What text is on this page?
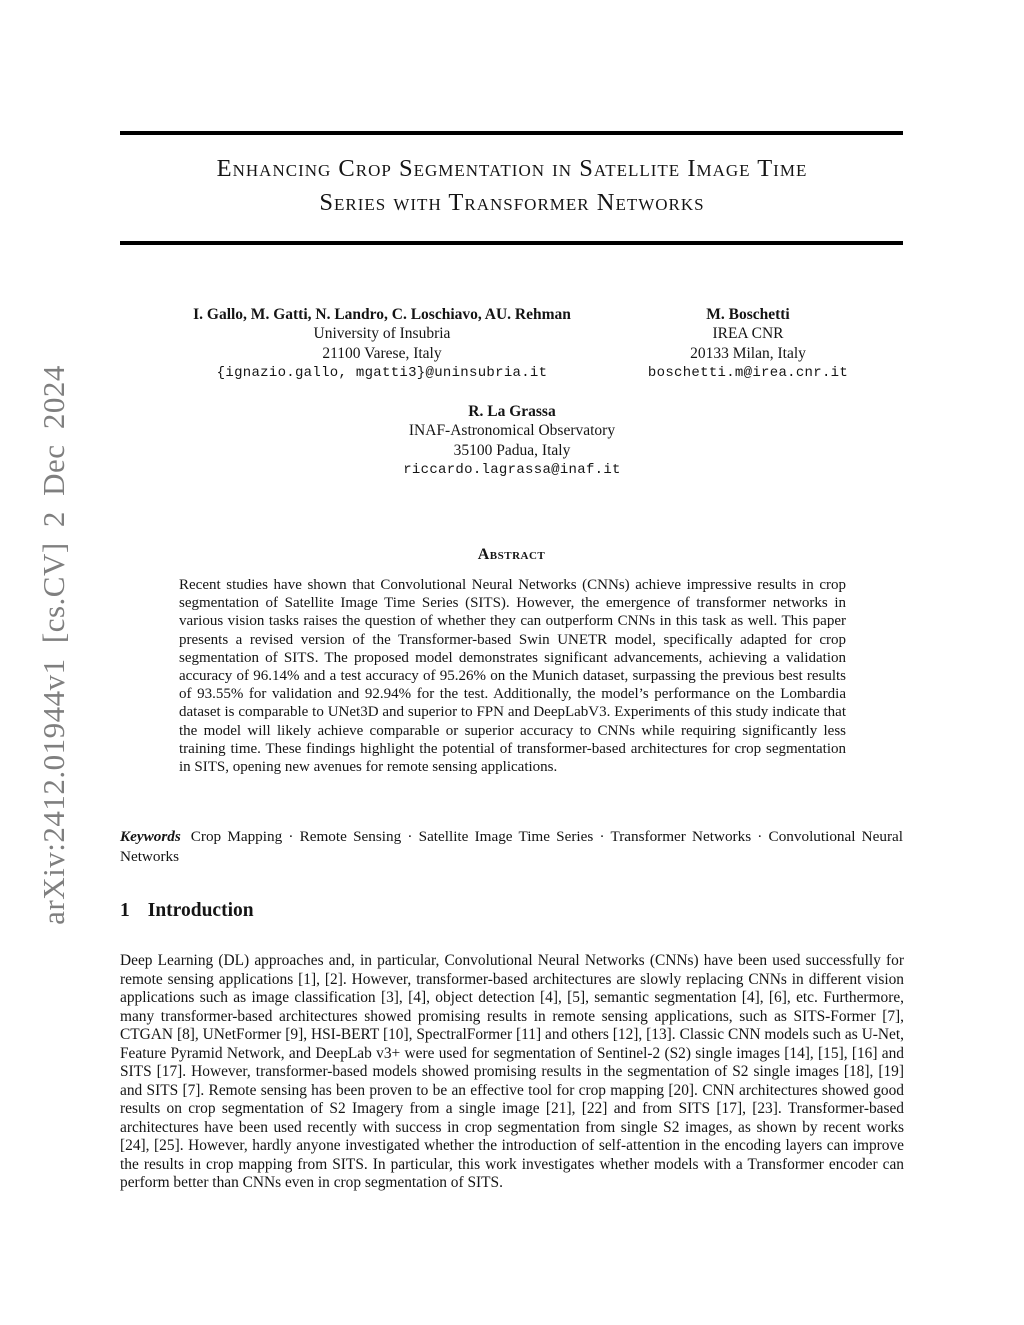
arXiv:2412.01944v1 [cs.CV] 2 Dec 2024
Enhancing Crop Segmentation in Satellite Image Time
Series with Transformer Networks
I. Gallo, M. Gatti, N. Landro, C. Loschiavo, AU. Rehman
University of Insubria
21100 Varese, Italy
{ignazio.gallo, mgatti3}@uninsubria.it
M. Boschetti
IREA CNR
20133 Milan, Italy
boschetti.m@irea.cnr.it
R. La Grassa
INAF-Astronomical Observatory
35100 Padua, Italy
riccardo.lagrassa@inaf.it
Abstract
Recent studies have shown that Convolutional Neural Networks (CNNs) achieve impressive results in crop segmentation of Satellite Image Time Series (SITS). However, the emergence of transformer networks in various vision tasks raises the question of whether they can outperform CNNs in this task as well. This paper presents a revised version of the Transformer-based Swin UNETR model, specifically adapted for crop segmentation of SITS. The proposed model demonstrates significant advancements, achieving a validation accuracy of 96.14% and a test accuracy of 95.26% on the Munich dataset, surpassing the previous best results of 93.55% for validation and 92.94% for the test. Additionally, the model’s performance on the Lombardia dataset is comparable to UNet3D and superior to FPN and DeepLabV3. Experiments of this study indicate that the model will likely achieve comparable or superior accuracy to CNNs while requiring significantly less training time. These findings highlight the potential of transformer-based architectures for crop segmentation in SITS, opening new avenues for remote sensing applications.
Keywords Crop Mapping · Remote Sensing · Satellite Image Time Series · Transformer Networks · Convolutional Neural Networks
1 Introduction
Deep Learning (DL) approaches and, in particular, Convolutional Neural Networks (CNNs) have been used successfully for remote sensing applications [1], [2]. However, transformer-based architectures are slowly replacing CNNs in different vision applications such as image classification [3], [4], object detection [4], [5], semantic segmentation [4], [6], etc. Furthermore, many transformer-based architectures showed promising results in remote sensing applications, such as SITS-Former [7], CTGAN [8], UNetFormer [9], HSI-BERT [10], SpectralFormer [11] and others [12], [13]. Classic CNN models such as U-Net, Feature Pyramid Network, and DeepLab v3+ were used for segmentation of Sentinel-2 (S2) single images [14], [15], [16] and SITS [17]. However, transformer-based models showed promising results in the segmentation of S2 single images [18], [19] and SITS [7]. Remote sensing has been proven to be an effective tool for crop mapping [20]. CNN architectures showed good results on crop segmentation of S2 Imagery from a single image [21], [22] and from SITS [17], [23]. Transformer-based architectures have been used recently with success in crop segmentation from single S2 images, as shown by recent works [24], [25]. However, hardly anyone investigated whether the introduction of self-attention in the encoding layers can improve the results in crop mapping from SITS. In particular, this work investigates whether models with a Transformer encoder can perform better than CNNs even in crop segmentation of SITS.
